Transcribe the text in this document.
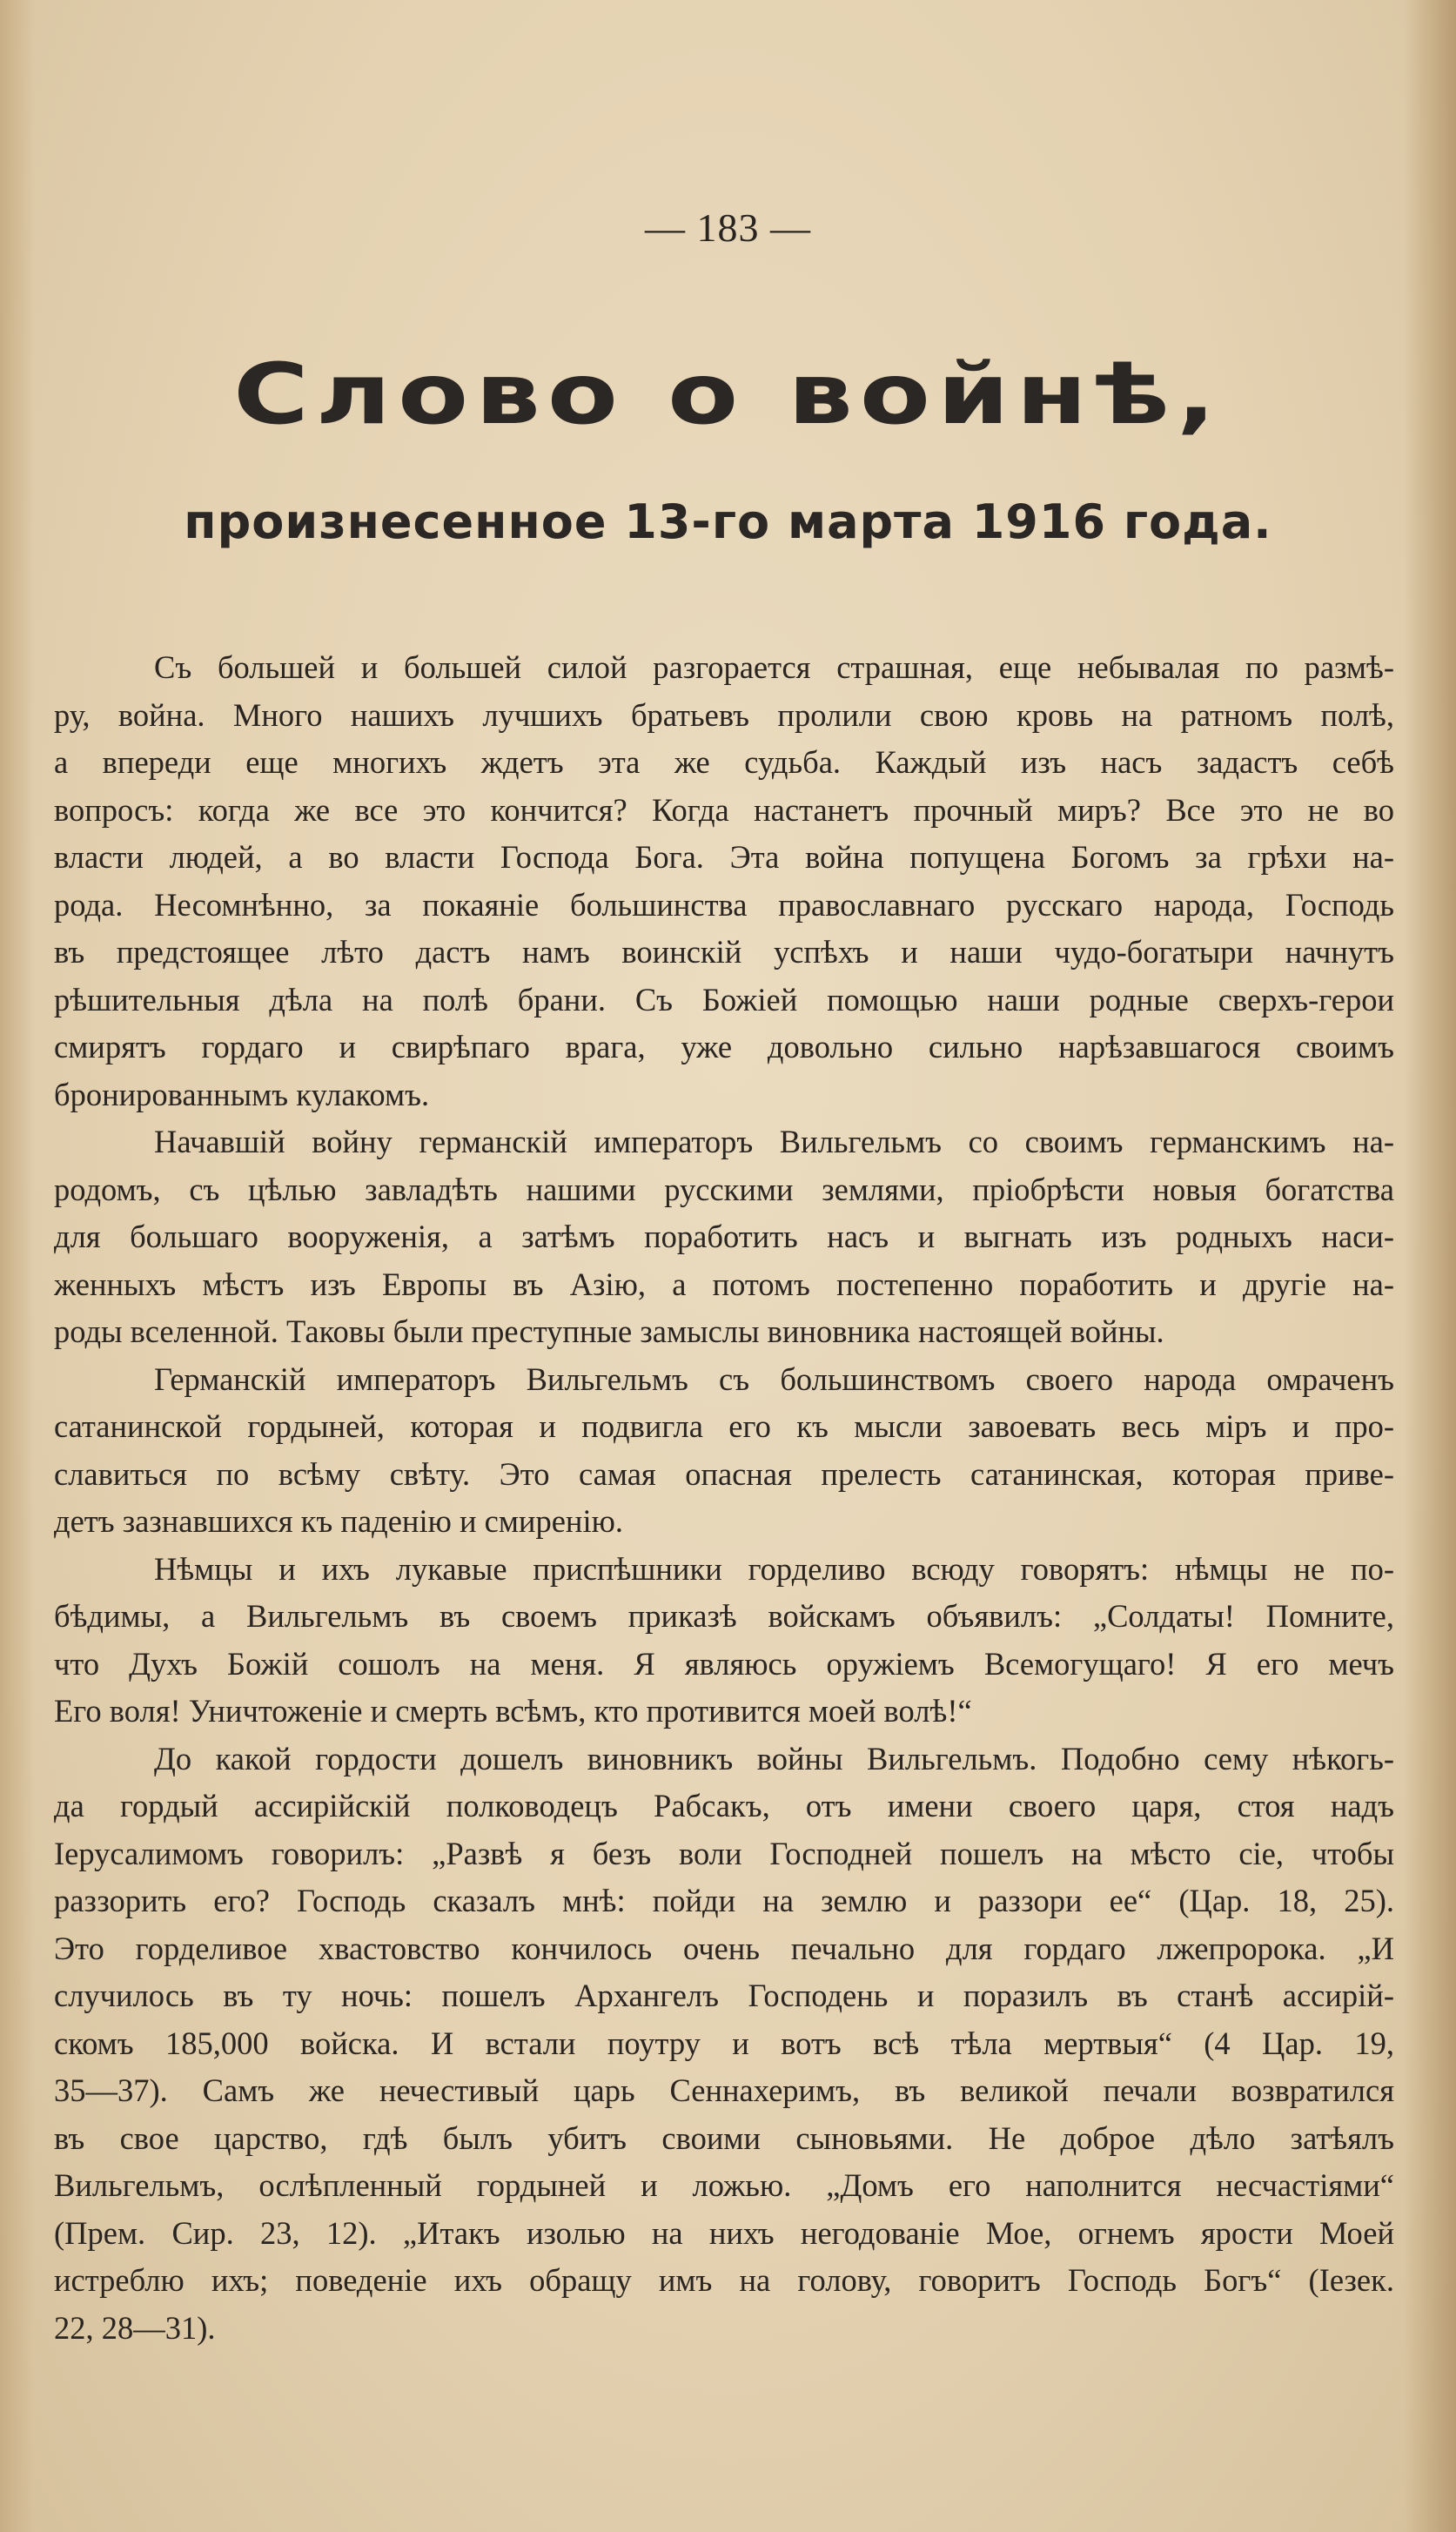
— 183 —
Слово о войнѣ,
произнесенное 13-го марта 1916 года.

Съ большей и большей силой разгорается страшная, еще небывалая по размѣ-
ру, война. Много нашихъ лучшихъ братьевъ пролили свою кровь на ратномъ полѣ,
а впереди еще многихъ ждетъ эта же судьба. Каждый изъ насъ задастъ себѣ
вопросъ: когда же все это кончится? Когда настанетъ прочный миръ? Все это не во
власти людей, а во власти Господа Бога. Эта война попущена Богомъ за грѣхи на-
рода. Несомнѣнно, за покаяніе большинства православнаго русскаго народа, Господь
въ предстоящее лѣто дастъ намъ воинскій успѣхъ и наши чудо-богатыри начнутъ
рѣшительныя дѣла на полѣ брани. Съ Божіей помощью наши родные сверхъ-герои
смирятъ гордаго и свирѣпаго врага, уже довольно сильно нарѣзавшагося своимъ
бронированнымъ кулакомъ.

Начавшій войну германскій императоръ Вильгельмъ со своимъ германскимъ на-
родомъ, съ цѣлью завладѣть нашими русскими землями, пріобрѣсти новыя богатства
для большаго вооруженія, а затѣмъ поработить насъ и выгнать изъ родныхъ наси-
женныхъ мѣстъ изъ Европы въ Азію, а потомъ постепенно поработить и другіе на-
роды вселенной. Таковы были преступные замыслы виновника настоящей войны.

Германскій императоръ Вильгельмъ съ большинствомъ своего народа омраченъ
сатанинской гордыней, которая и подвигла его къ мысли завоевать весь міръ и про-
славиться по всѣму свѣту. Это самая опасная прелесть сатанинская, которая приве-
детъ зазнавшихся къ паденію и смиренію.

Нѣмцы и ихъ лукавые приспѣшники горделиво всюду говорятъ: нѣмцы не по-
бѣдимы, а Вильгельмъ въ своемъ приказѣ войскамъ объявилъ: „Солдаты! Помните,
что Духъ Божій сошолъ на меня. Я являюсь оружіемъ Всемогущаго! Я его мечъ
Его воля! Уничтоженіе и смерть всѣмъ, кто противится моей волѣ!“

До какой гордости дошелъ виновникъ войны Вильгельмъ. Подобно сему нѣкогь-
да гордый ассирійскій полководецъ Рабсакъ, отъ имени своего царя, стоя надъ
Іерусалимомъ говорилъ: „Развѣ я безъ воли Господней пошелъ на мѣсто сіе, чтобы
раззорить его? Господь сказалъ мнѣ: пойди на землю и раззори ее“ (Цар. 18, 25).
Это горделивое хвастовство кончилось очень печально для гордаго лжепророка. „И
случилось въ ту ночь: пошелъ Архангелъ Господень и поразилъ въ станѣ ассирій-
скомъ 185,000 войска. И встали поутру и вотъ всѣ тѣла мертвыя“ (4 Цар. 19,
35—37). Самъ же нечестивый царь Сеннахеримъ, въ великой печали возвратился
въ свое царство, гдѣ былъ убитъ своими сыновьями. Не доброе дѣло затѣялъ
Вильгельмъ, ослѣпленный гордыней и ложью. „Домъ его наполнится несчастіями“
(Прем. Сир. 23, 12). „Итакъ изолью на нихъ негодованіе Мое, огнемъ ярости Моей
истреблю ихъ; поведеніе ихъ обращу имъ на голову, говоритъ Господь Богъ“ (Іезек.
22, 28—31).
